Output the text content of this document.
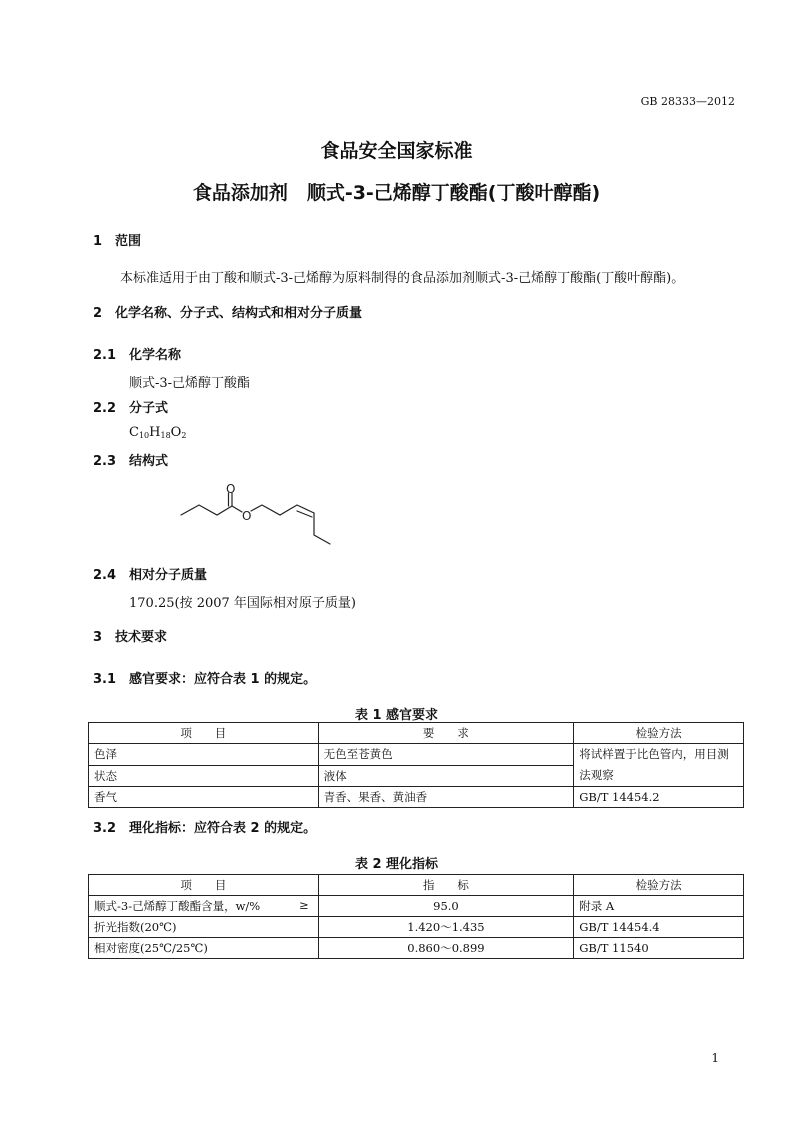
GB 28333—2012
食品安全国家标准
食品添加剂　顺式-3-己烯醇丁酸酯(丁酸叶醇酯)
1 范围
本标准适用于由丁酸和顺式-3-己烯醇为原料制得的食品添加剂顺式-3-己烯醇丁酸酯(丁酸叶醇酯)。
2 化学名称、分子式、结构式和相对分子质量
2.1 化学名称
顺式-3-己烯醇丁酸酯
2.2 分子式
$C_{10}H_{18}O_2$
2.3 结构式
O
O
2.4 相对分子质量
170.25(按 2007 年国际相对原子质量)
3 技术要求
3.1 感官要求：应符合表 1 的规定。
表 1 感官要求
项　　目	要　　求	检验方法
色泽	无色至苍黄色	将试样置于比色管内，用目测法观察
状态	液体	
香气	青香、果香、黄油香	GB/T 14454.2
3.2 理化指标：应符合表 2 的规定。
表 2 理化指标
项　　目	指　　标	检验方法
顺式-3-己烯醇丁酸酯含量，w/% ≥	95.0	附录 A
折光指数(20℃)	1.420～1.435	GB/T 14454.4
相对密度(25℃/25℃)	0.860～0.899	GB/T 11540
1
